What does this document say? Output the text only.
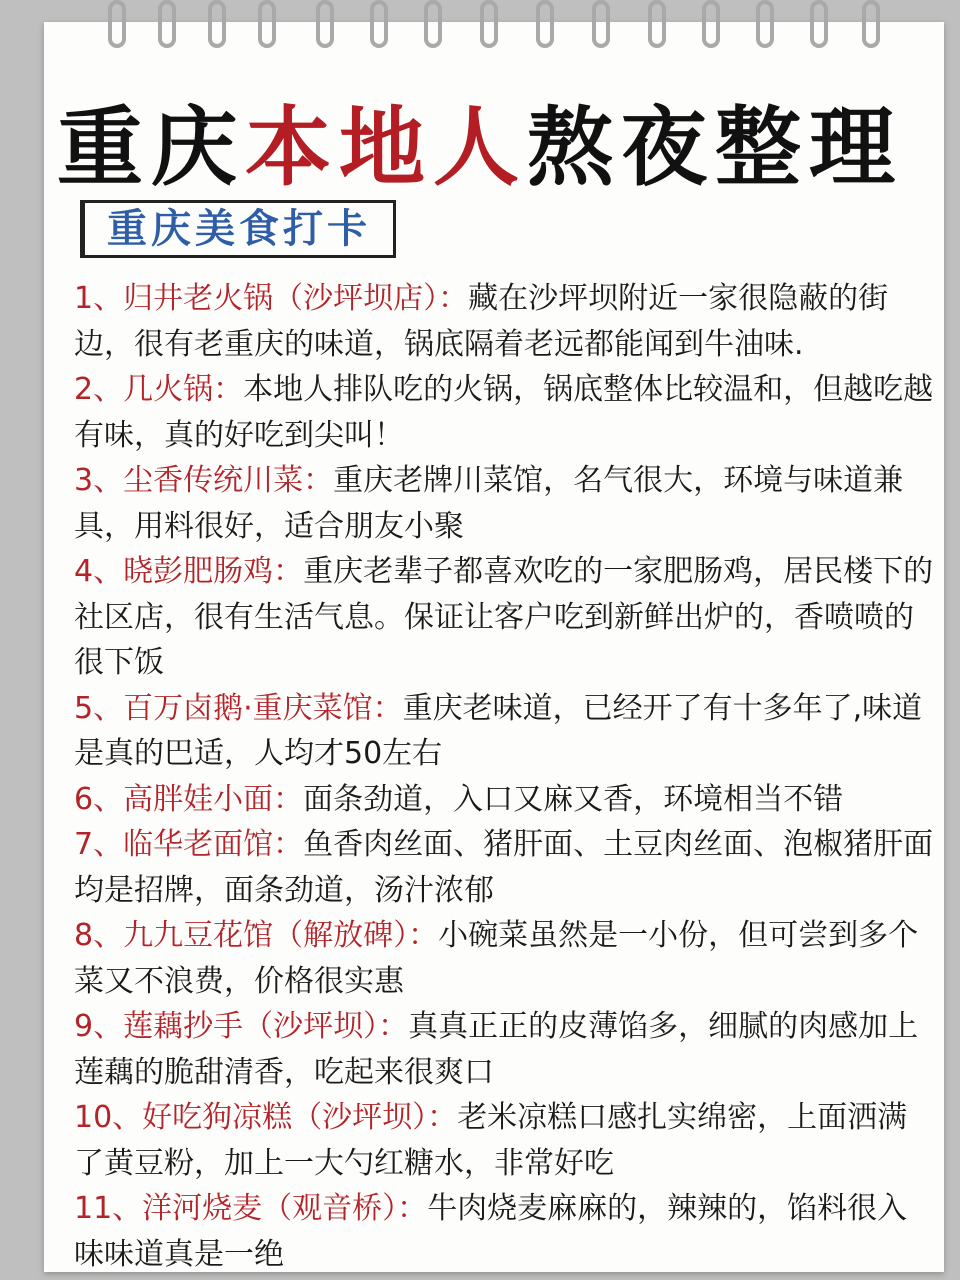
重庆本地人熬夜整理
重庆美食打卡
1、归井老火锅（沙坪坝店）：藏在沙坪坝附近一家很隐蔽的街边，很有老重庆的味道，锅底隔着老远都能闻到牛油味.
2、几火锅：本地人排队吃的火锅，锅底整体比较温和，但越吃越有味，真的好吃到尖叫！
3、尘香传统川菜：重庆老牌川菜馆，名气很大，环境与味道兼具，用料很好，适合朋友小聚
4、晓彭肥肠鸡：重庆老辈子都喜欢吃的一家肥肠鸡，居民楼下的社区店，很有生活气息。保证让客户吃到新鲜出炉的，香喷喷的很下饭
5、百万卤鹅·重庆菜馆：重庆老味道，已经开了有十多年了,味道是真的巴适，人均才50左右
6、高胖娃小面：面条劲道，入口又麻又香，环境相当不错
7、临华老面馆：鱼香肉丝面、猪肝面、土豆肉丝面、泡椒猪肝面均是招牌，面条劲道，汤汁浓郁
8、九九豆花馆（解放碑）：小碗菜虽然是一小份，但可尝到多个菜又不浪费，价格很实惠
9、莲藕抄手（沙坪坝）：真真正正的皮薄馅多，细腻的肉感加上莲藕的脆甜清香，吃起来很爽口
10、好吃狗凉糕（沙坪坝）：老米凉糕口感扎实绵密，上面洒满了黄豆粉，加上一大勺红糖水，非常好吃
11、洋河烧麦（观音桥）：牛肉烧麦麻麻的，辣辣的，馅料很入味味道真是一绝
